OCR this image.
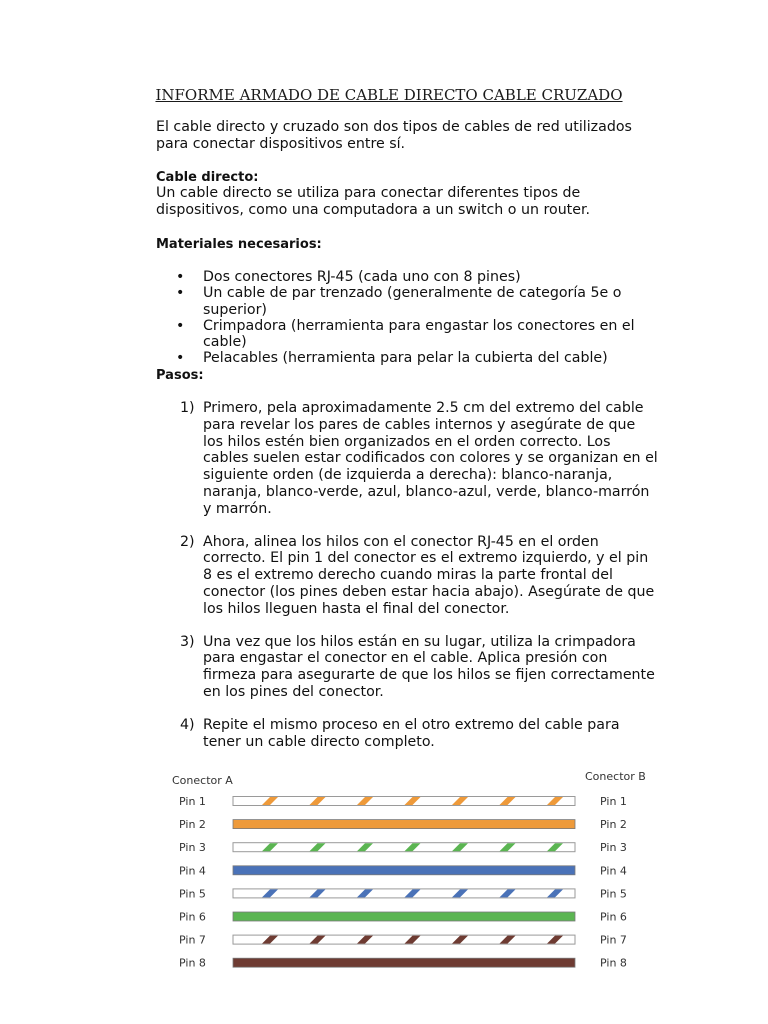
INFORME ARMADO DE CABLE DIRECTO CABLE CRUZADO
El cable directo y cruzado son dos tipos de cables de red utilizados para conectar dispositivos entre sí.
Cable directo:
Un cable directo se utiliza para conectar diferentes tipos de dispositivos, como una computadora a un switch o un router.
Materiales necesarios:
• Dos conectores RJ-45 (cada uno con 8 pines)
• Un cable de par trenzado (generalmente de categoría 5e o superior)
• Crimpadora (herramienta para engastar los conectores en el cable)
• Pelacables (herramienta para pelar la cubierta del cable)
Pasos:
1) Primero, pela aproximadamente 2.5 cm del extremo del cable para revelar los pares de cables internos y asegúrate de que los hilos estén bien organizados en el orden correcto. Los cables suelen estar codificados con colores y se organizan en el siguiente orden (de izquierda a derecha): blanco-naranja, naranja, blanco-verde, azul, blanco-azul, verde, blanco-marrón y marrón.
2) Ahora, alinea los hilos con el conector RJ-45 en el orden correcto. El pin 1 del conector es el extremo izquierdo, y el pin 8 es el extremo derecho cuando miras la parte frontal del conector (los pines deben estar hacia abajo). Asegúrate de que los hilos lleguen hasta el final del conector.
3) Una vez que los hilos están en su lugar, utiliza la crimpadora para engastar el conector en el cable. Aplica presión con firmeza para asegurarte de que los hilos se fijen correctamente en los pines del conector.
4) Repite el mismo proceso en el otro extremo del cable para tener un cable directo completo.
Conector A	Conector B
Pin 1	Pin 1
Pin 2	Pin 2
Pin 3	Pin 3
Pin 4	Pin 4
Pin 5	Pin 5
Pin 6	Pin 6
Pin 7	Pin 7
Pin 8	Pin 8
